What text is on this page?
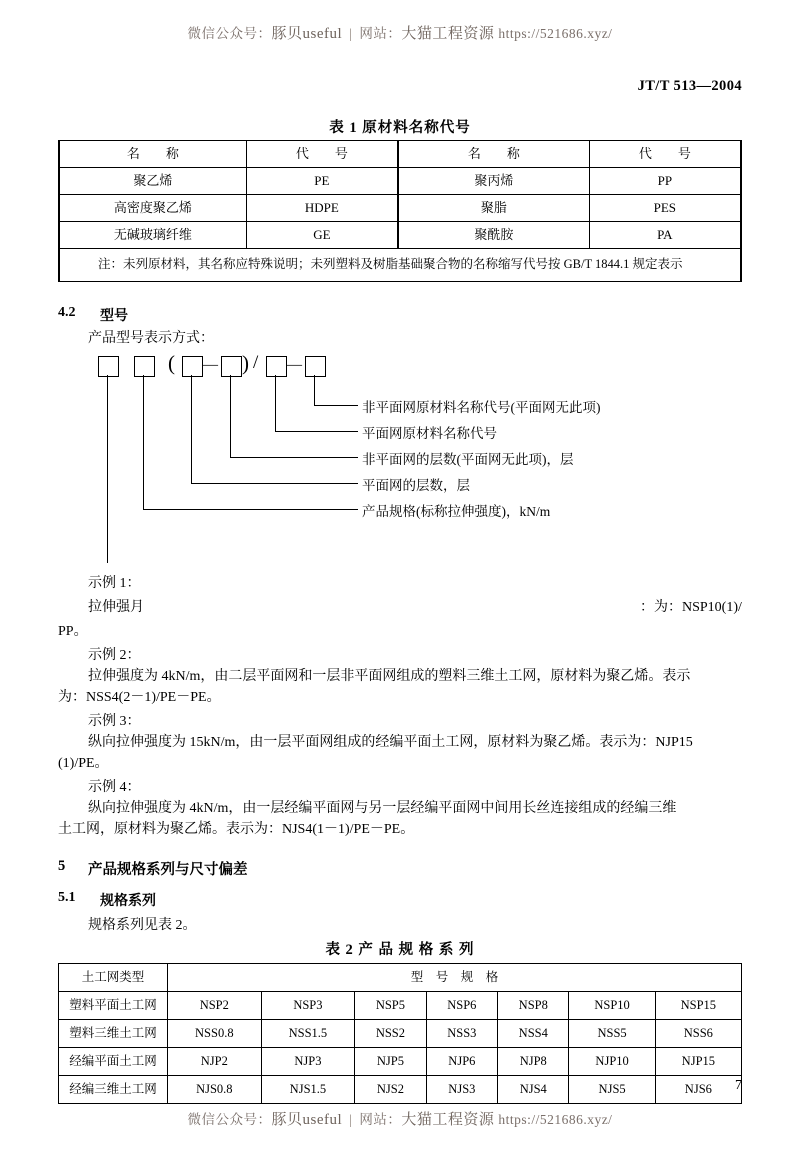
微信公众号：豚贝useful | 网站：大猫工程资源 https://521686.xyz/
JT/T 513—2004
表 1 原材料名称代号
名　　称	代　　号	名　　称	代　　号
聚乙烯	PE	聚丙烯	PP
高密度聚乙烯	HDPE	聚脂	PES
无碱玻璃纤维	GE	聚酰胺	PA
注：未列原材料，其名称应特殊说明；未列塑料及树脂基础聚合物的名称缩写代号按 GB/T 1844.1 规定表示			
4.2 型号
产品型号表示方式：
( — ) / —
非平面网原材料名称代号(平面网无此项)
平面网原材料名称代号
非平面网的层数(平面网无此项)，层
平面网的层数，层
产品规格(标称拉伸强度)，kN/m
示例 1：
拉伸强月	：为：NSP10(1)/
PP。
示例 2：
拉伸强度为 4kN/m，由二层平面网和一层非平面网组成的塑料三维土工网，原材料为聚乙烯。表示
为：NSS4(2－1)/PE－PE。
示例 3：
纵向拉伸强度为 15kN/m，由一层平面网组成的经编平面土工网，原材料为聚乙烯。表示为：NJP15
(1)/PE。
示例 4：
纵向拉伸强度为 4kN/m，由一层经编平面网与另一层经编平面网中间用长丝连接组成的经编三维
土工网，原材料为聚乙烯。表示为：NJS4(1－1)/PE－PE。
5 产品规格系列与尺寸偏差
5.1 规格系列
规格系列见表 2。
表 2 产 品 规 格 系 列
土工网类型	型　号　规　格						
塑料平面土工网	NSP2	NSP3	NSP5	NSP6	NSP8	NSP10	NSP15
塑料三维土工网	NSS0.8	NSS1.5	NSS2	NSS3	NSS4	NSS5	NSS6
经编平面土工网	NJP2	NJP3	NJP5	NJP6	NJP8	NJP10	NJP15
经编三维土工网	NJS0.8	NJS1.5	NJS2	NJS3	NJS4	NJS5	NJS6 7
微信公众号：豚贝useful | 网站：大猫工程资源 https://521686.xyz/
